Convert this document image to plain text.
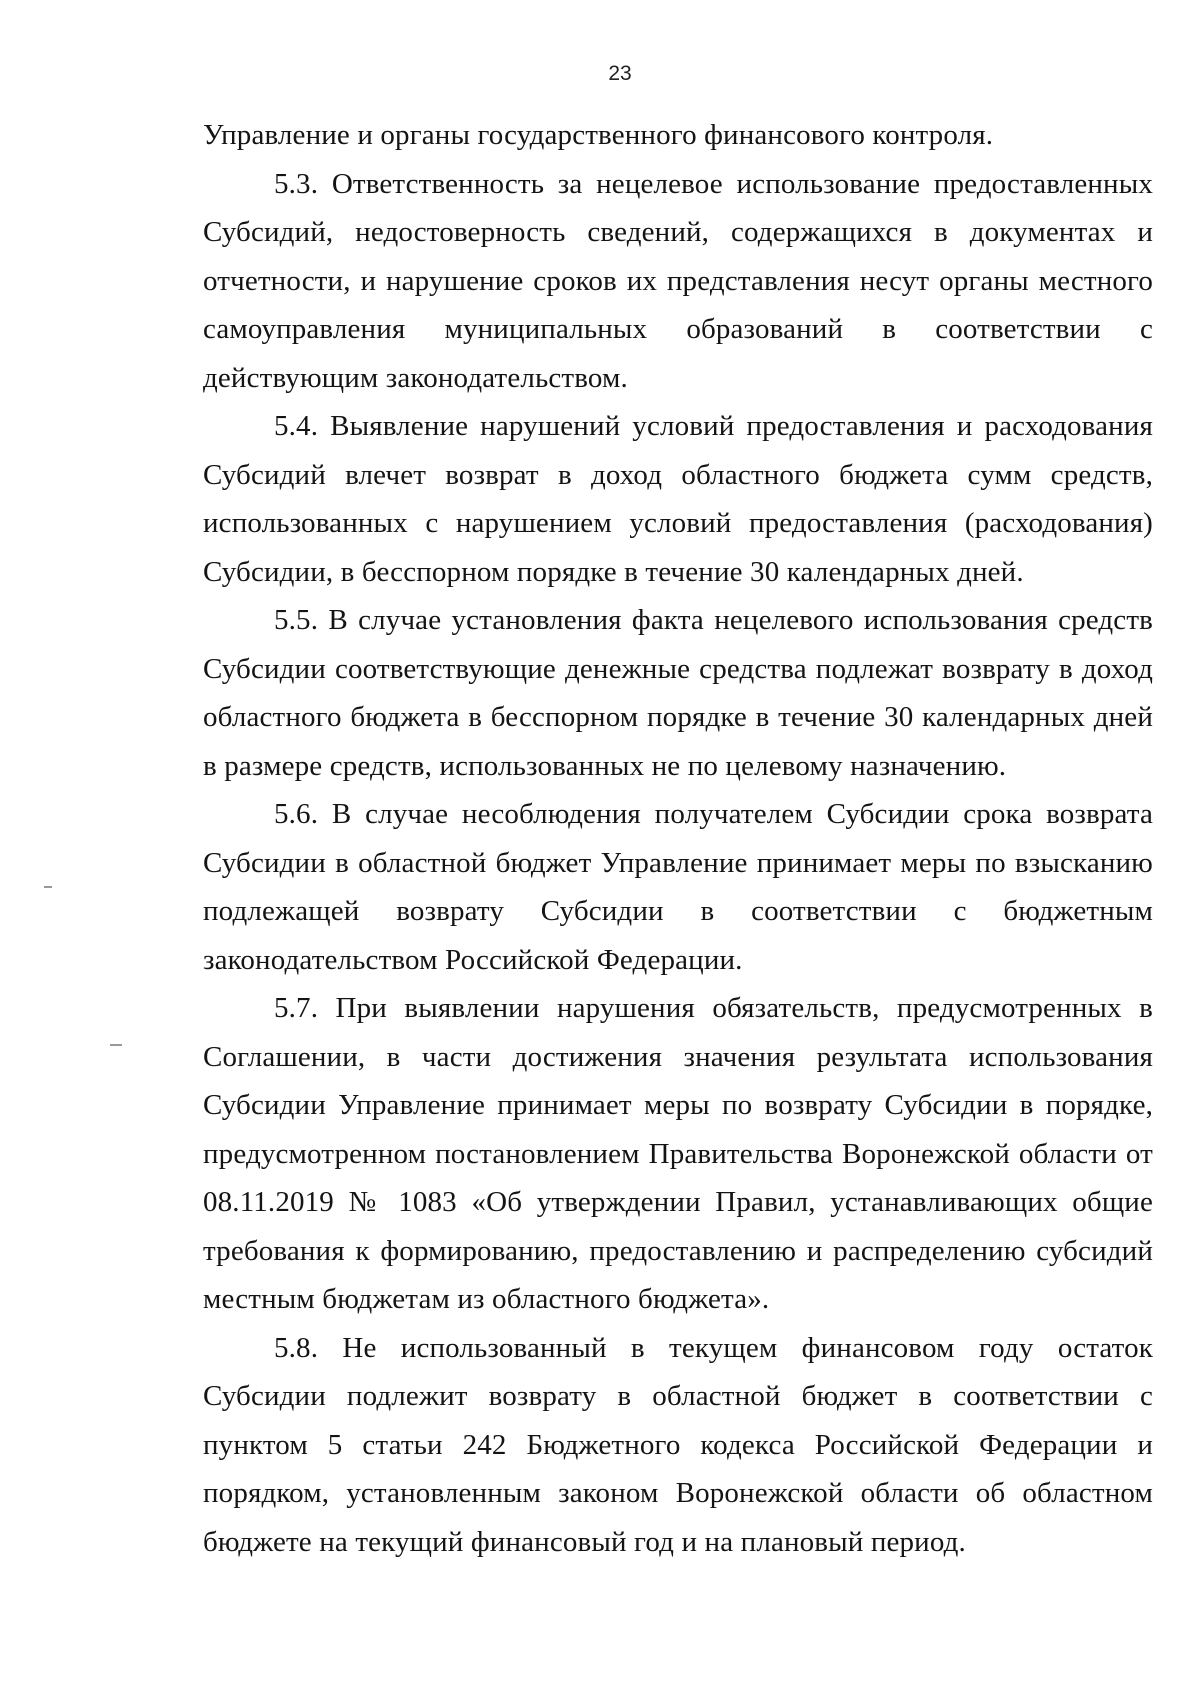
23

Управление и органы государственного финансового контроля.

5.3. Ответственность за нецелевое использование предоставленных Субсидий, недостоверность сведений, содержащихся в документах и отчетности, и нарушение сроков их представления несут органы местного самоуправления муниципальных образований в соответствии с действующим законодательством.

5.4. Выявление нарушений условий предоставления и расходования Субсидий влечет возврат в доход областного бюджета сумм средств, использованных с нарушением условий предоставления (расходования) Субсидии, в бесспорном порядке в течение 30 календарных дней.

5.5. В случае установления факта нецелевого использования средств Субсидии соответствующие денежные средства подлежат возврату в доход областного бюджета в бесспорном порядке в течение 30 календарных дней в размере средств, использованных не по целевому назначению.

5.6. В случае несоблюдения получателем Субсидии срока возврата Субсидии в областной бюджет Управление принимает меры по взысканию подлежащей возврату Субсидии в соответствии с бюджетным законодательством Российской Федерации.

5.7. При выявлении нарушения обязательств, предусмотренных в Соглашении, в части достижения значения результата использования Субсидии Управление принимает меры по возврату Субсидии в порядке, предусмотренном постановлением Правительства Воронежской области от 08.11.2019 № 1083 «Об утверждении Правил, устанавливающих общие требования к формированию, предоставлению и распределению субсидий местным бюджетам из областного бюджета».

5.8. Не использованный в текущем финансовом году остаток Субсидии подлежит возврату в областной бюджет в соответствии с пунктом 5 статьи 242 Бюджетного кодекса Российской Федерации и порядком, установленным законом Воронежской области об областном бюджете на текущий финансовый год и на плановый период.
